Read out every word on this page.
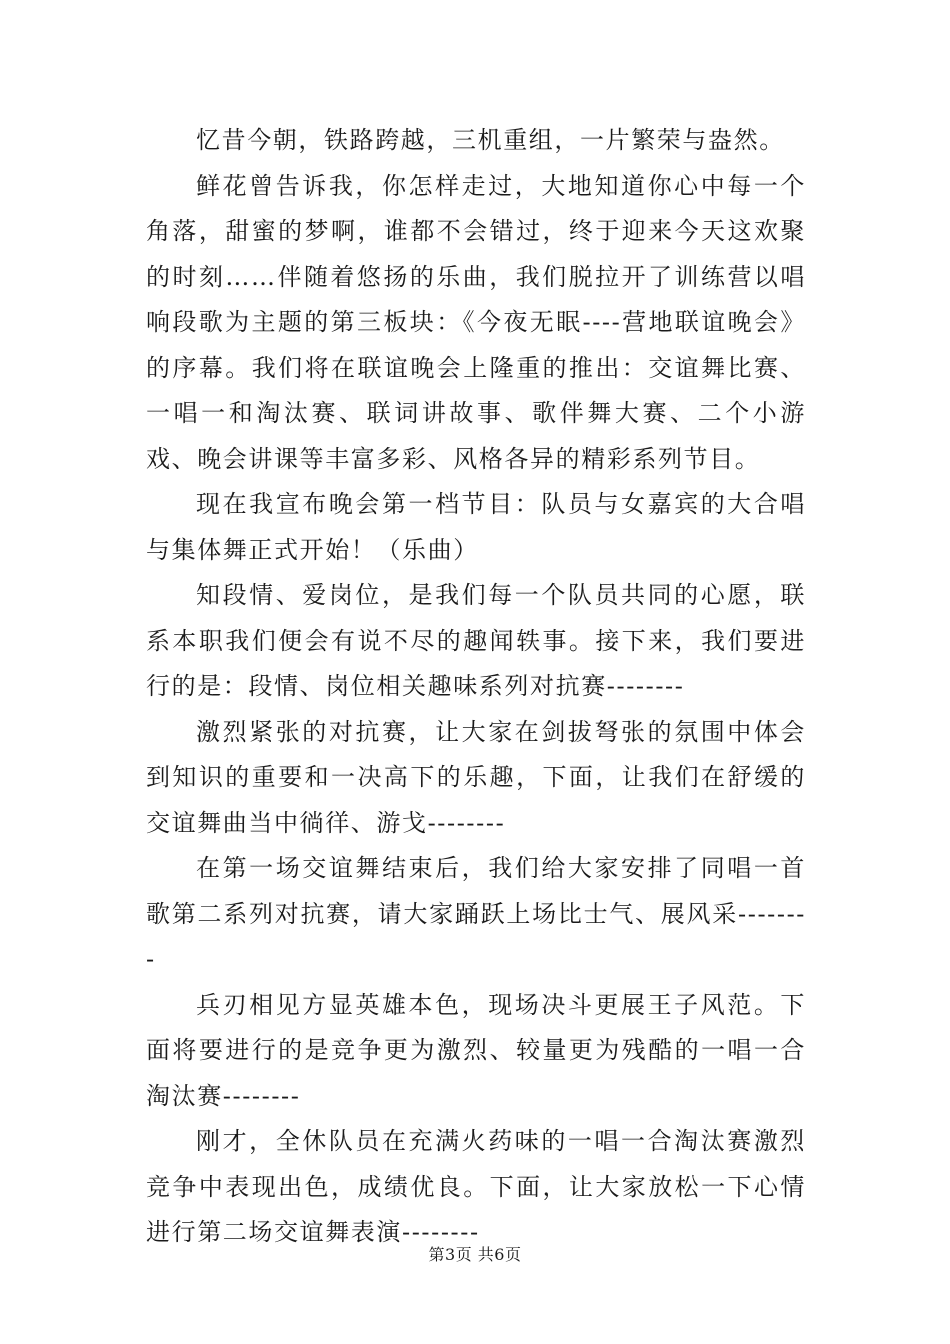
忆昔今朝，铁路跨越，三机重组，一片繁荣与盎然。

鲜花曾告诉我，你怎样走过，大地知道你心中每一个角落，甜蜜的梦啊，谁都不会错过，终于迎来今天这欢聚的时刻……伴随着悠扬的乐曲，我们脱拉开了训练营以唱响段歌为主题的第三板块：《今夜无眠----营地联谊晚会》的序幕。我们将在联谊晚会上隆重的推出：交谊舞比赛、一唱一和淘汰赛、联词讲故事、歌伴舞大赛、二个小游戏、晚会讲课等丰富多彩、风格各异的精彩系列节目。

现在我宣布晚会第一档节目：队员与女嘉宾的大合唱与集体舞正式开始！（乐曲）

知段情、爱岗位，是我们每一个队员共同的心愿，联系本职我们便会有说不尽的趣闻轶事。接下来，我们要进行的是：段情、岗位相关趣味系列对抗赛--------

激烈紧张的对抗赛，让大家在剑拔弩张的氛围中体会到知识的重要和一决高下的乐趣，下面，让我们在舒缓的交谊舞曲当中徜徉、游戈--------

在第一场交谊舞结束后，我们给大家安排了同唱一首歌第二系列对抗赛，请大家踊跃上场比士气、展风采--------

兵刃相见方显英雄本色，现场决斗更展王子风范。下面将要进行的是竞争更为激烈、较量更为残酷的一唱一合淘汰赛--------

刚才，全休队员在充满火药味的一唱一合淘汰赛激烈竞争中表现出色，成绩优良。下面，让大家放松一下心情进行第二场交谊舞表演--------

第3页 共6页
